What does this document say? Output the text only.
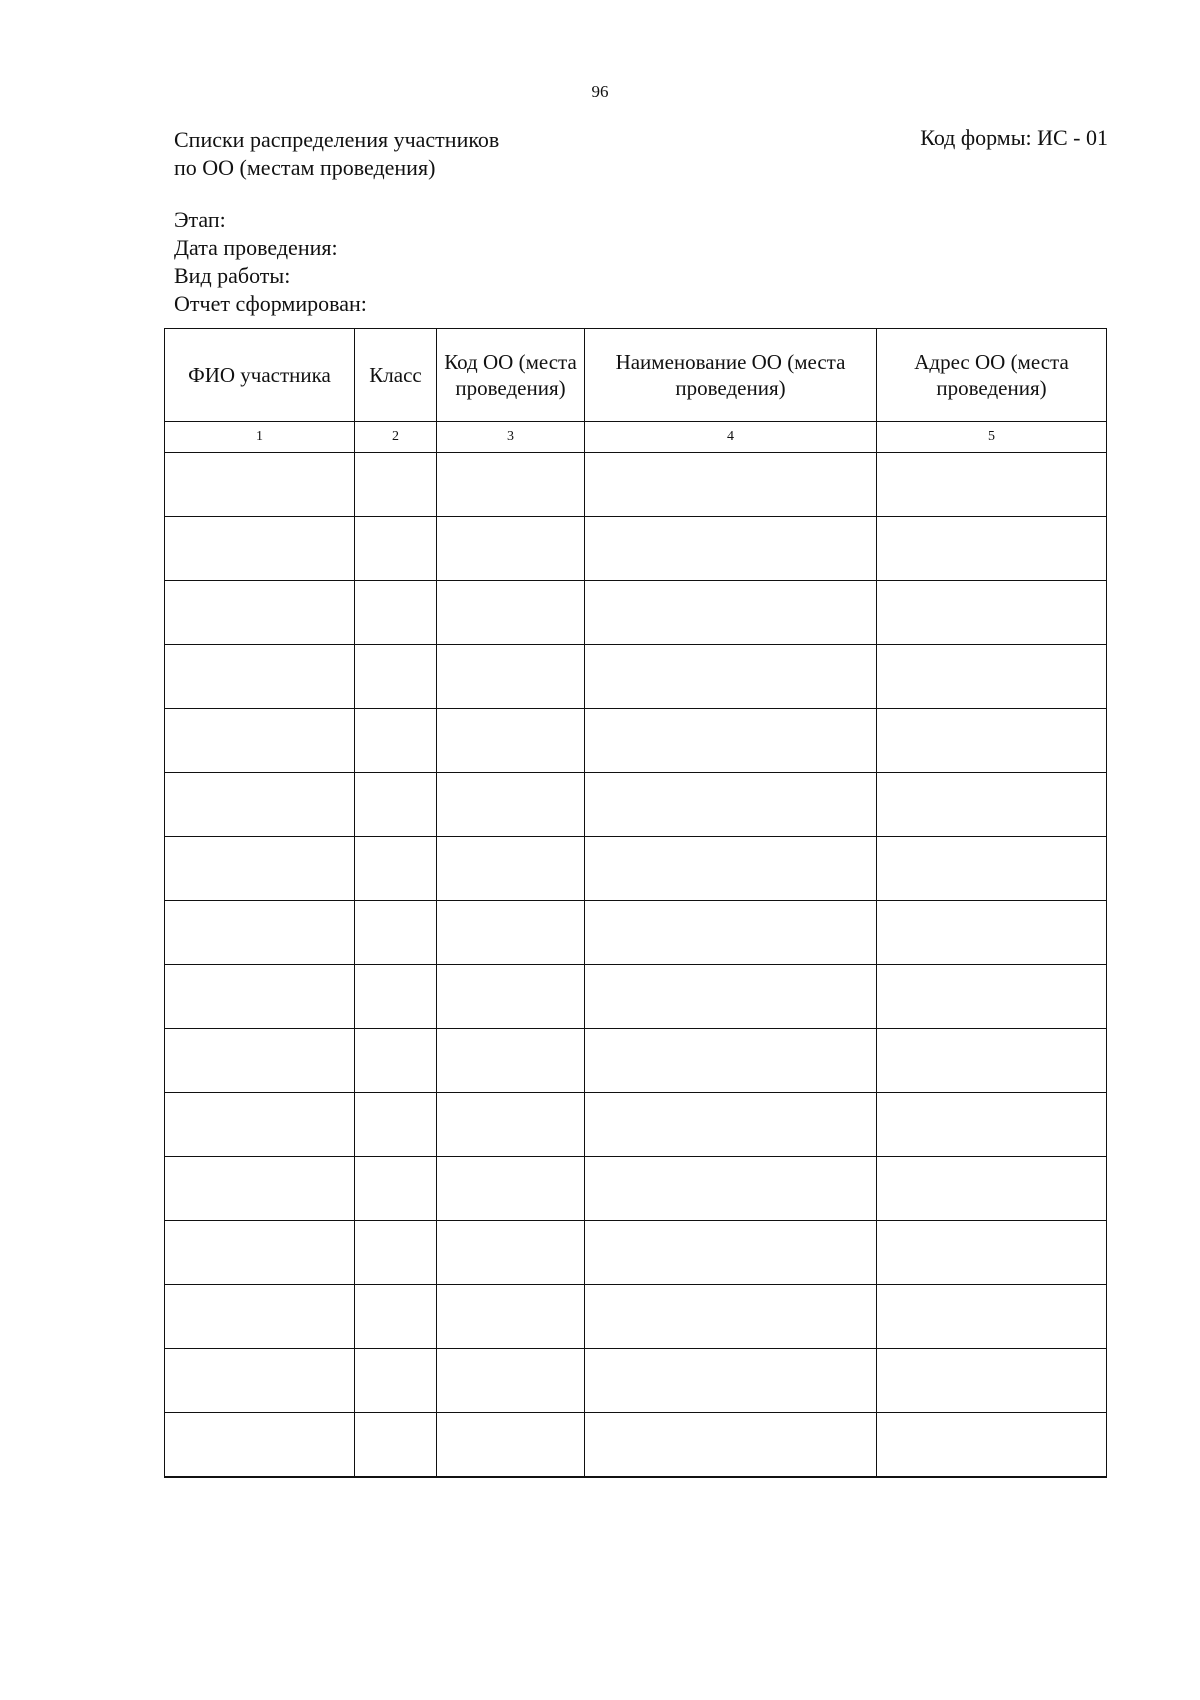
96
Списки распределения участников
по ОО (местам проведения)
Код формы: ИС - 01
Этап:
Дата проведения:
Вид работы:
Отчет сформирован:
ФИО участника	Класс	Код ОО (места проведения)	Наименование ОО (места проведения)	Адрес ОО (места проведения)
1	2	3	4	5
